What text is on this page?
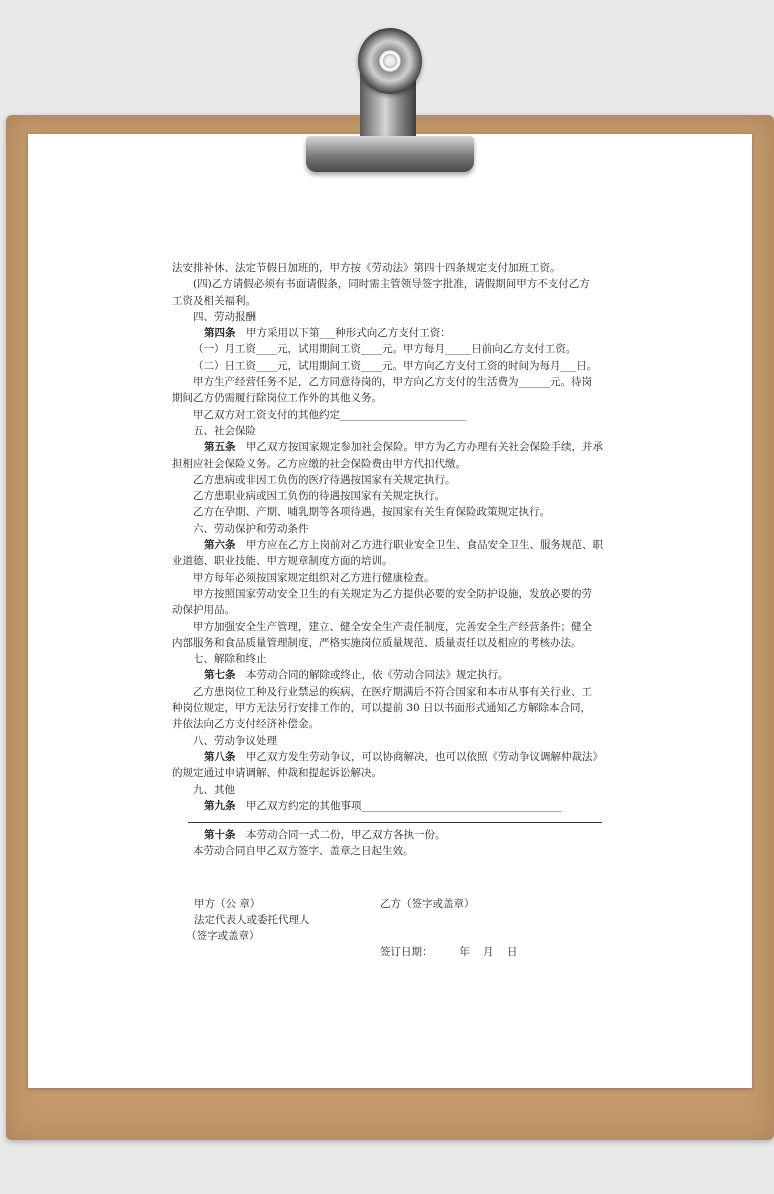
法安排补休、法定节假日加班的，甲方按《劳动法》第四十四条规定支付加班工资。
(四)乙方请假必须有书面请假条，同时需主管领导签字批准，请假期间甲方不支付乙方
工资及相关福利。
四、劳动报酬
第四条　 甲方采用以下第___种形式向乙方支付工资：
（一）月工资____元，试用期间工资____元。甲方每月_____日前向乙方支付工资。
（二）日工资____元，试用期间工资____元。甲方向乙方支付工资的时间为每月___日。
甲方生产经营任务不足，乙方同意待岗的，甲方向乙方支付的生活费为______元。待岗
期间乙方仍需履行除岗位工作外的其他义务。
甲乙双方对工资支付的其他约定________________________
五、社会保险
第五条　 甲乙双方按国家规定参加社会保险。甲方为乙方办理有关社会保险手续，并承
担相应社会保险义务。乙方应缴的社会保险费由甲方代扣代缴。
乙方患病或非因工负伤的医疗待遇按国家有关规定执行。
乙方患职业病或因工负伤的待遇按国家有关规定执行。
乙方在孕期、产期、哺乳期等各项待遇，按国家有关生育保险政策规定执行。
六、劳动保护和劳动条件
第六条　 甲方应在乙方上岗前对乙方进行职业安全卫生、食品安全卫生、服务规范、职
业道德、职业技能、甲方规章制度方面的培训。
甲方每年必须按国家规定组织对乙方进行健康检查。
甲方按照国家劳动安全卫生的有关规定为乙方提供必要的安全防护设施，发放必要的劳
动保护用品。
甲方加强安全生产管理，建立、健全安全生产责任制度，完善安全生产经营条件；健全
内部服务和食品质量管理制度，严格实施岗位质量规范、质量责任以及相应的考核办法。
七、解除和终止
第七条　 本劳动合同的解除或终止，依《劳动合同法》规定执行。
乙方患岗位工种及行业禁忌的疾病，在医疗期满后不符合国家和本市从事有关行业、工
种岗位规定，甲方无法另行安排工作的，可以提前 30 日以书面形式通知乙方解除本合同，
并依法向乙方支付经济补偿金。
八、劳动争议处理
第八条　 甲乙双方发生劳动争议，可以协商解决，也可以依照《劳动争议调解仲裁法》
的规定通过申请调解、仲裁和提起诉讼解决。
九、其他
第九条　 甲乙双方约定的其他事项______________________________________
第十条　 本劳动合同一式二份，甲乙双方各执一份。
本劳动合同自甲乙双方签字、盖章之日起生效。
甲方（公 章）
法定代表人或委托代理人
（签字或盖章）
乙方（签字或盖章）
签订日期：        年    月    日
